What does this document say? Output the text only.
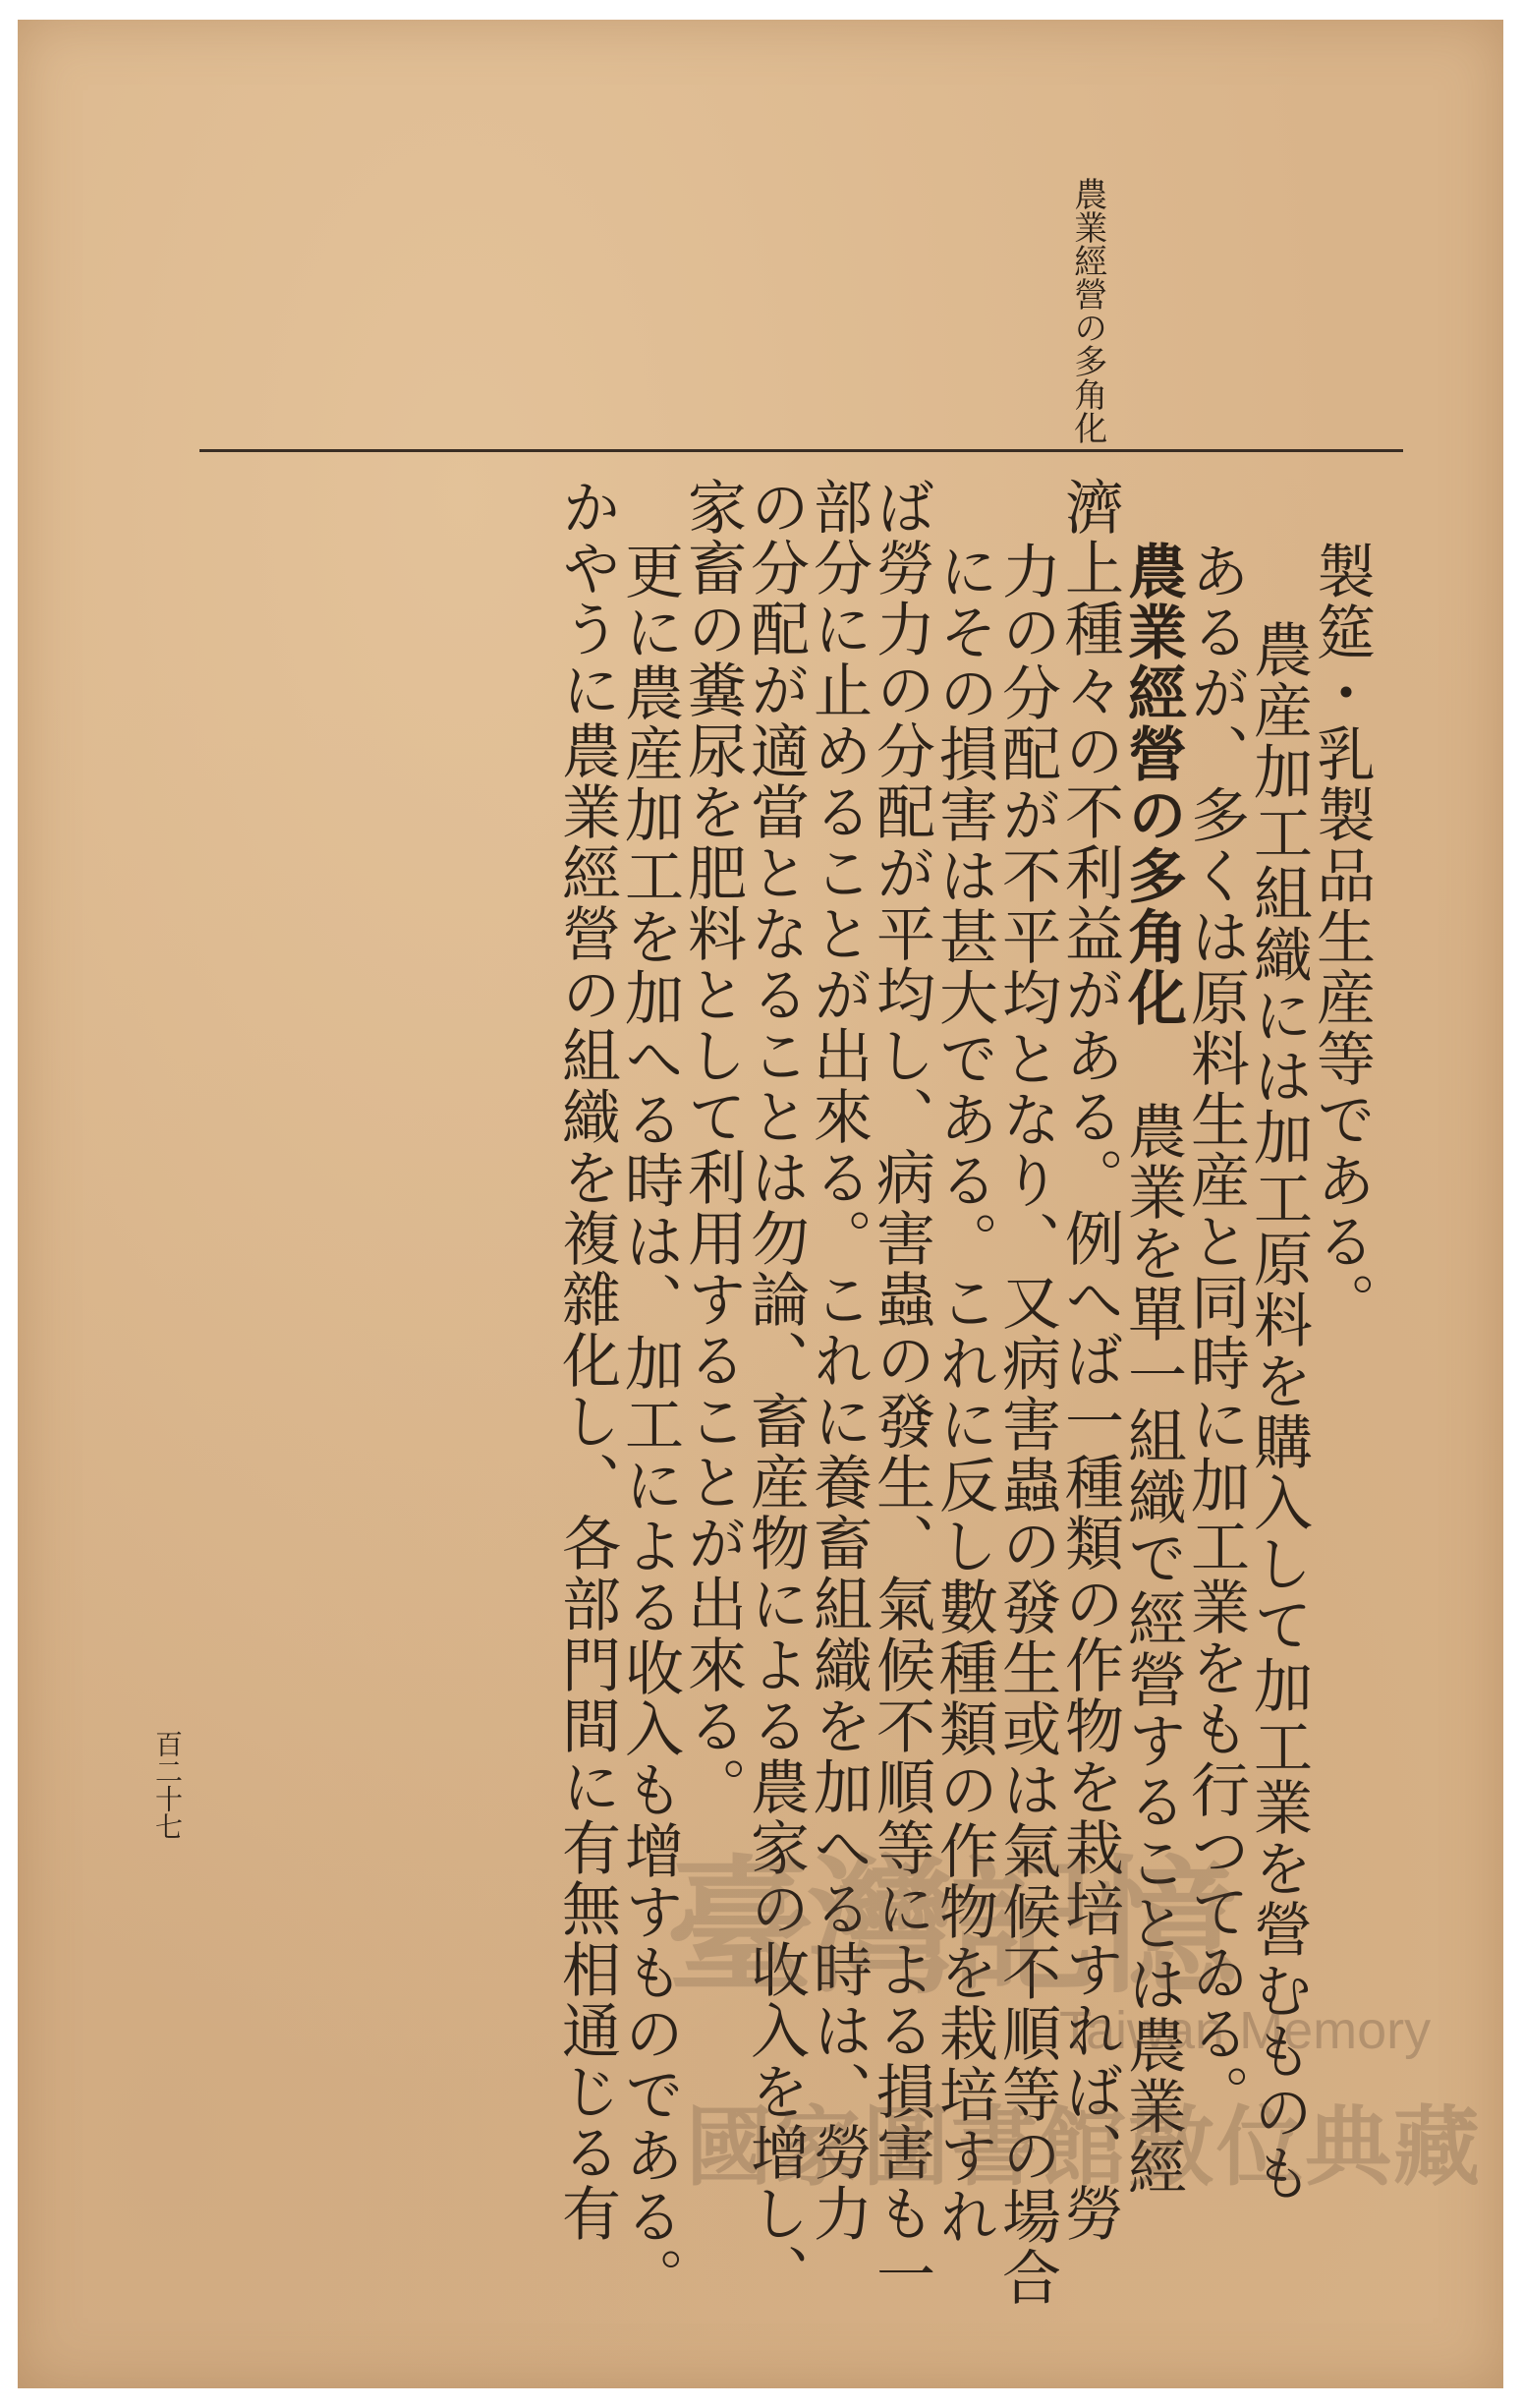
農業經營の多角化
製筵・乳製品生産等である。
農産加工組織には加工原料を購入して加工業を營むものも
あるが、多くは原料生産と同時に加工業をも行つてゐる。
農業經營の多角化
農業を單一組織で經營することは農業經
濟上種々の不利益がある。例へば一種類の作物を栽培すれば、勞
力の分配が不平均となり、又病害蟲の發生或は氣候不順等の場合
にその損害は甚大である。これに反し數種類の作物を栽培すれ
ば勞力の分配が平均し、病害蟲の發生、氣候不順等による損害も一
部分に止めることが出來る。これに養畜組織を加へる時は、勞力
の分配が適當となることは勿論、畜産物による農家の收入を增し、
家畜の糞尿を肥料として利用することが出來る。
更に農産加工を加へる時は、加工による收入も增すものである。
かやうに農業經營の組織を複雜化し、各部門間に有無相通じる有
百二十七
臺灣記憶
Taiwan Memory
國家圖書館數位典藏
